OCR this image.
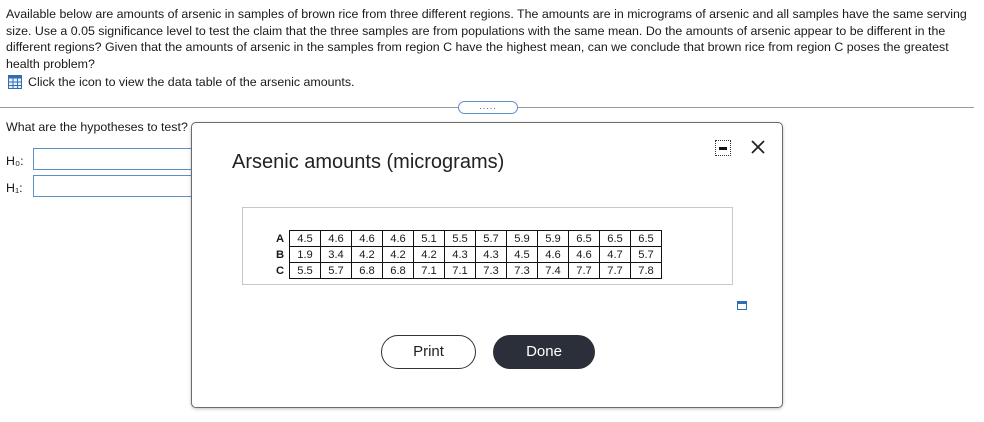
Available below are amounts of arsenic in samples of brown rice from three different regions. The amounts are in micrograms of arsenic and all samples have the same serving size. Use a 0.05 significance level to test the claim that the three samples are from populations with the same mean. Do the amounts of arsenic appear to be different in the different regions? Given that the amounts of arsenic in the samples from region C have the highest mean, can we conclude that brown rice from region C poses the greatest health problem?
Click the icon to view the data table of the arsenic amounts.
.....
What are the hypotheses to test?
H₀:
H₁:
Arsenic amounts (micrograms)
A	4.5	4.6	4.6	4.6	5.1	5.5	5.7	5.9	5.9	6.5	6.5	6.5
B	1.9	3.4	4.2	4.2	4.2	4.3	4.3	4.5	4.6	4.6	4.7	5.7
C	5.5	5.7	6.8	6.8	7.1	7.1	7.3	7.3	7.4	7.7	7.7	7.8
Print	Done
